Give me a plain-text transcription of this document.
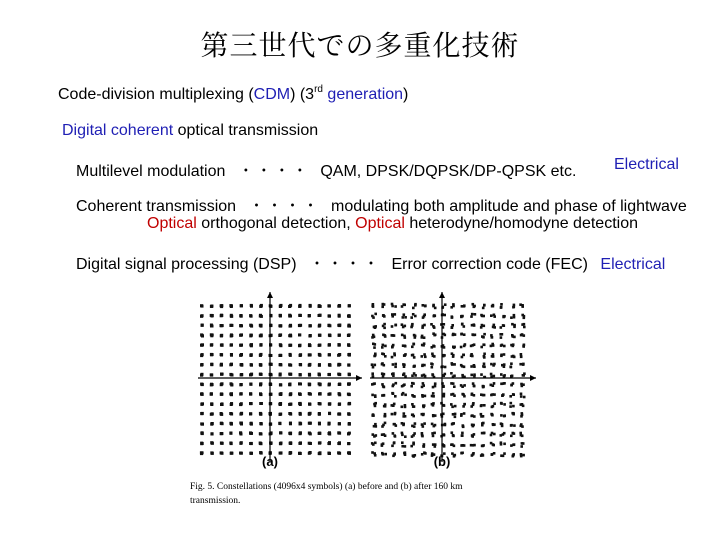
第三世代での多重化技術
Code-division multiplexing (CDM) (3rd generation)
Digital coherent optical transmission
Multilevel modulation ・・・・ QAM, DPSK/DQPSK/DP-QPSK etc. Electrical
Coherent transmission ・・・・ modulating both amplitude and phase of lightwave
Optical orthogonal detection, Optical heterodyne/homodyne detection
Digital signal processing (DSP) ・・・・ Error correction code (FEC) Electrical
(a)	(b)
Fig. 5. Constellations (4096x4 symbols) (a) before and (b) after 160 km
transmission.
